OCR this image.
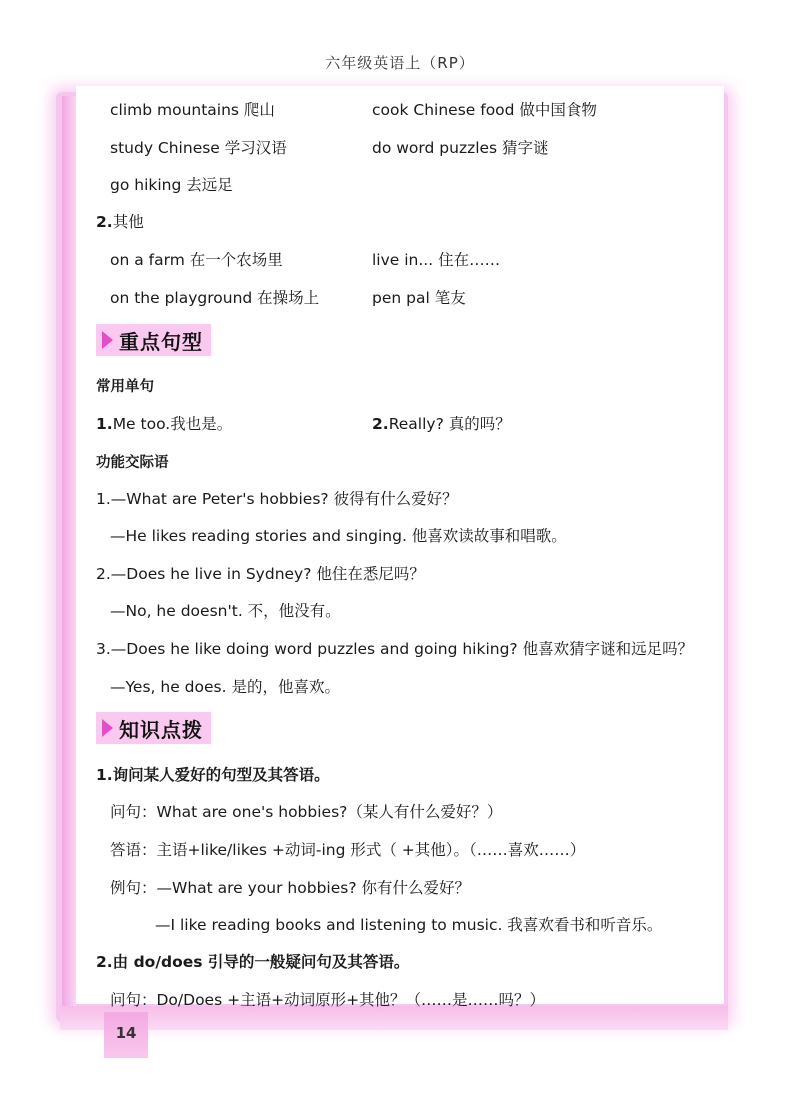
六年级英语上（RP）
climb mountains 爬山	cook Chinese food 做中国食物
study Chinese 学习汉语	do word puzzles 猜字谜
go hiking 去远足
2.其他
on a farm 在一个农场里	live in... 住在……
on the playground 在操场上	pen pal 笔友
重点句型
常用单句
1.Me too.我也是。	2.Really? 真的吗？
功能交际语
1.—What are Peter's hobbies? 彼得有什么爱好？
—He likes reading stories and singing. 他喜欢读故事和唱歌。
2.—Does he live in Sydney? 他住在悉尼吗？
—No, he doesn't. 不，他没有。
3.—Does he like doing word puzzles and going hiking? 他喜欢猜字谜和远足吗？
—Yes, he does. 是的，他喜欢。
知识点拨
1.询问某人爱好的句型及其答语。
问句：What are one's hobbies?（某人有什么爱好？）
答语：主语+like/likes +动词-ing 形式（ +其他）。（……喜欢……）
例句：—What are your hobbies? 你有什么爱好？
—I like reading books and listening to music. 我喜欢看书和听音乐。
2.由 do/does 引导的一般疑问句及其答语。
问句：Do/Does +主语+动词原形+其他？（……是……吗？）
14
